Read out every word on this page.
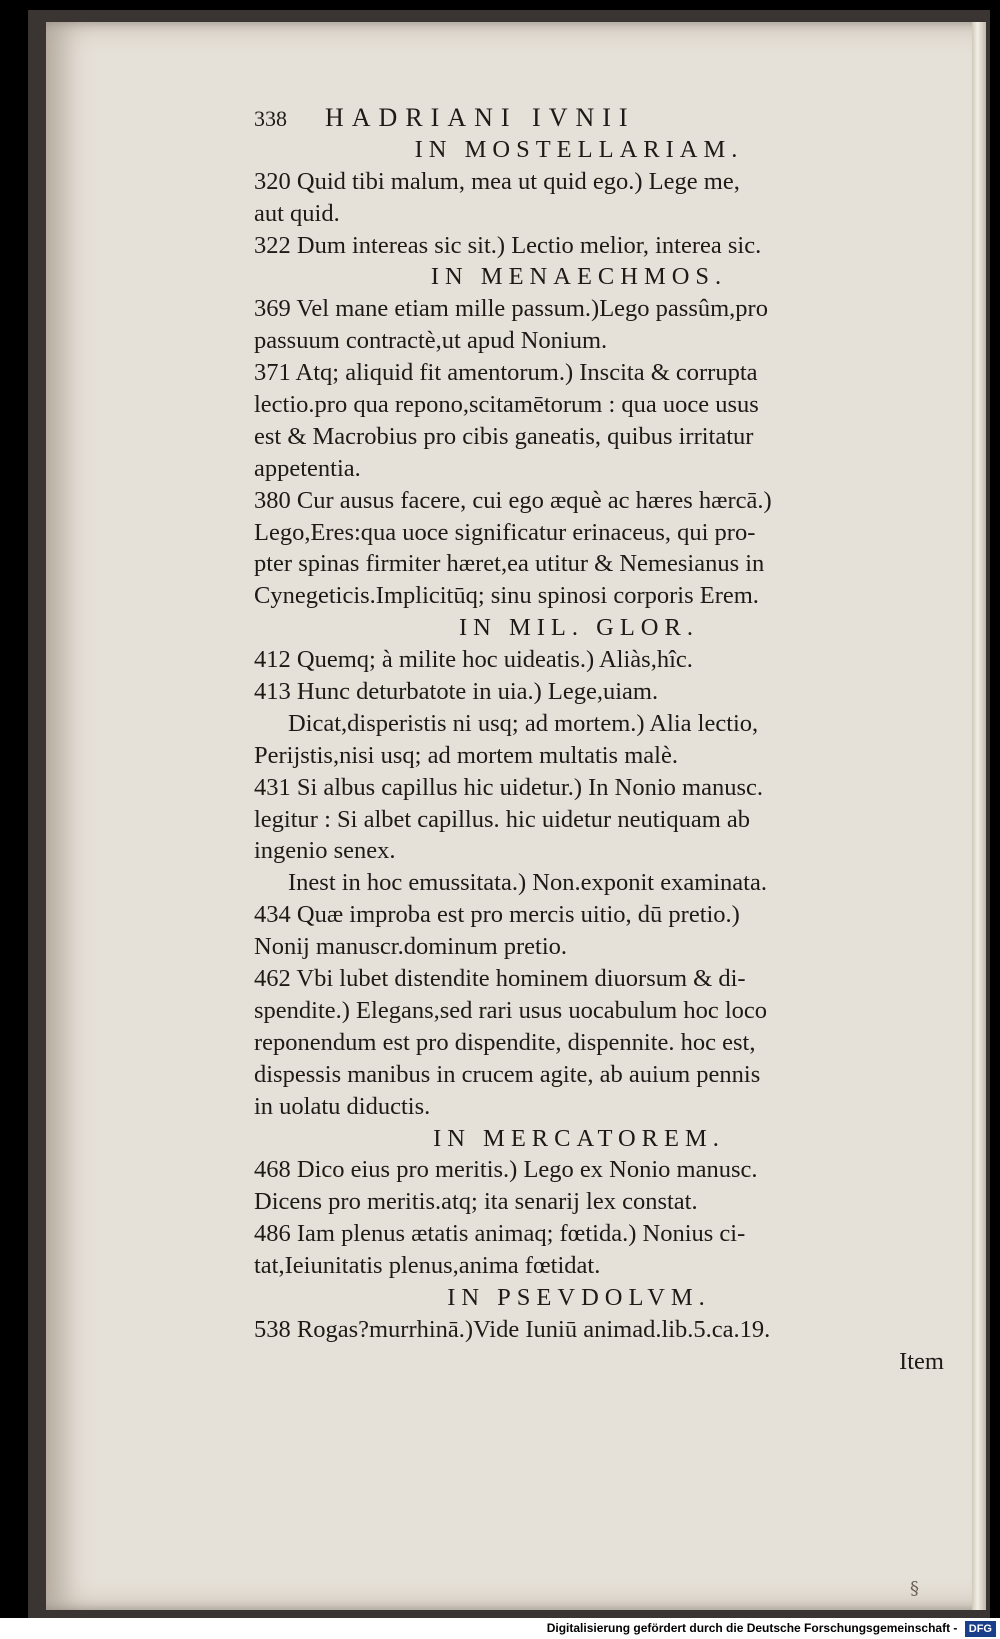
338 HADRIANI IVNII
IN MOSTELLARIAM.
320 Quid tibi malum, mea ut quid ego.) Lege me,
aut quid.
322 Dum intereas sic sit.) Lectio melior, interea sic.
IN MENAECHMOS.
369 Vel mane etiam mille passum.)Lego passûm,pro
passuum contractè,ut apud Nonium.
371 Atq; aliquid fit amentorum.) Inscita & corrupta
lectio.pro qua repono,scitamētorum : qua uoce usus
est & Macrobius pro cibis ganeatis, quibus irritatur
appetentia.
380 Cur ausus facere, cui ego æquè ac hæres hærcā.)
Lego,Eres:qua uoce significatur erinaceus, qui pro-
pter spinas firmiter hæret,ea utitur & Nemesianus in
Cynegeticis.Implicitūq; sinu spinosi corporis Erem.
IN MIL. GLOR.
412 Quemq; à milite hoc uideatis.) Aliàs,hîc.
413 Hunc deturbatote in uia.) Lege,uiam.
Dicat,disperistis ni usq; ad mortem.) Alia lectio,
Perijstis,nisi usq; ad mortem multatis malè.
431 Si albus capillus hic uidetur.) In Nonio manusc.
legitur : Si albet capillus. hic uidetur neutiquam ab
ingenio senex.
Inest in hoc emussitata.) Non.exponit examinata.
434 Quæ improba est pro mercis uitio, dū pretio.)
Nonij manuscr.dominum pretio.
462 Vbi lubet distendite hominem diuorsum & di-
spendite.) Elegans,sed rari usus uocabulum hoc loco
reponendum est pro dispendite, dispennite. hoc est,
dispessis manibus in crucem agite, ab auium pennis
in uolatu diductis.
IN MERCATOREM.
468 Dico eius pro meritis.) Lego ex Nonio manusc.
Dicens pro meritis.atq; ita senarij lex constat.
486 Iam plenus ætatis animaq; fœtida.) Nonius ci-
tat,Ieiunitatis plenus,anima fœtidat.
IN PSEVDOLVM.
538 Rogas?murrhinā.)Vide Iuniū animad.lib.5.ca.19.
Item
§
Digitalisierung gefördert durch die Deutsche Forschungsgemeinschaft - DFG
